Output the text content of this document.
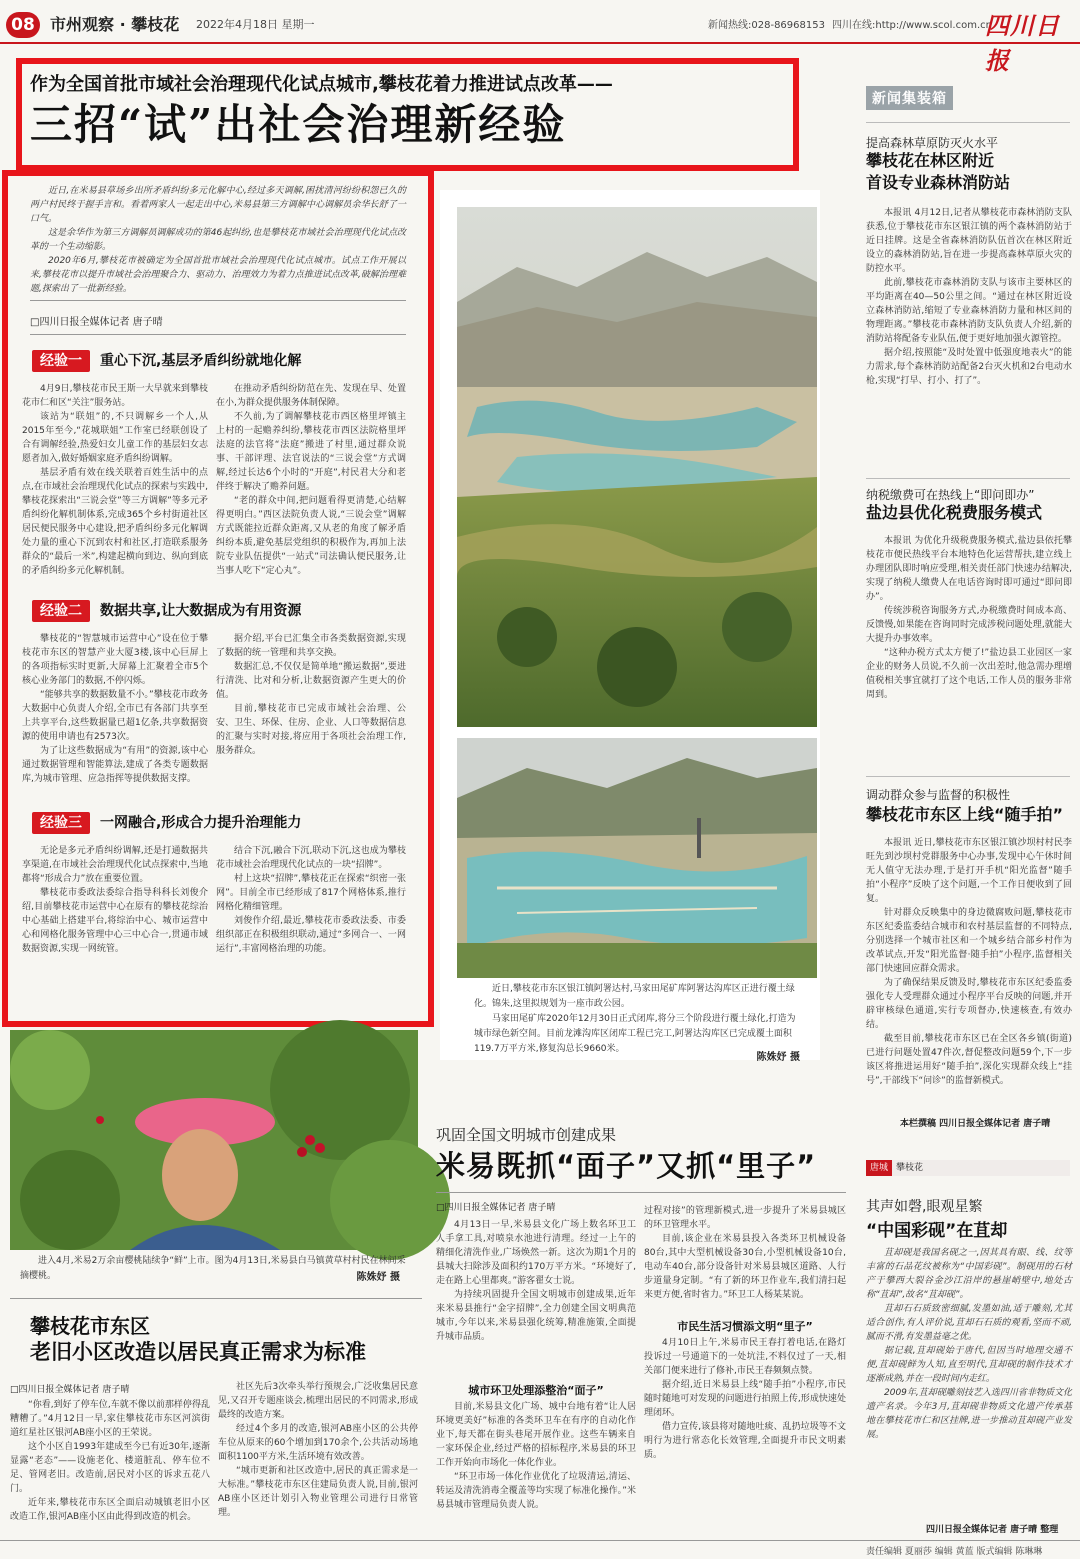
08 市州观察 · 攀枝花 2022年4月18日 星期一	新闻热线:028-86968153 四川在线:http://www.scol.com.cn
四川日报
作为全国首批市域社会治理现代化试点城市,攀枝花着力推进试点改革——
三招“试”出社会治理新经验

近日,在米易县草场乡出所矛盾纠纷多元化解中心,经过多天调解,困扰清河纷纷积怨已久的两户村民终于握手言和。看着两家人一起走出中心,米易县第三方调解中心调解员余华长舒了一口气。

这是余华作为第三方调解员调解成功的第46起纠纷,也是攀枝花市域社会治理现代化试点改革的一个生动缩影。

2020年6月,攀枝花市被确定为全国首批市域社会治理现代化试点城市。试点工作开展以来,攀枝花市以提升市域社会治理聚合力、驱动力、治理效力为着力点推进试点改革,破解治理难题,探索出了一批新经验。

□四川日报全媒体记者 唐子晴
经验一 重心下沉,基层矛盾纠纷就地化解

4月9日,攀枝花市民王斯一大早就来到攀枝花市仁和区“关注”服务站。

该站为“联姐”的,不只调解乡一个人,从2015年至今,“花城联姐”工作室已经联创设了合有调解经验,热爱妇女儿童工作的基层妇女志愿者加入,做好婚姻家庭矛盾纠纷调解。

基层矛盾有效在线关联着百姓生活中的点点,在市域社会治理现代化试点的探索与实践中,攀枝花探索出“三说会堂”等三方调解”等多元矛盾纠纷化解机制体系,完成365个乡村街道社区居民便民服务中心建设,把矛盾纠纷多元化解调处力量的重心下沉到农村和社区,打造联系服务群众的“最后一米”,构建起横向到边、纵向到底的矛盾纠纷多元化解机制。

在推动矛盾纠纷防范在先、发现在早、处置在小,为群众提供服务体制保障。

不久前,为了调解攀枝花市西区格里坪镇主上村的一起赡养纠纷,攀枝花市西区法院格里坪法庭的法官将“法庭”搬进了村里,通过群众说事、干部评理、法官说法的“三说会堂”方式调解,经过长达6个小时的“开庭”,村民君大分和老伴终于解决了赡养问题。

“老的群众中间,把问题看得更清楚,心结解得更明白。”西区法院负责人说,“三说会堂”调解方式既能拉近群众距离,又从老的角度了解矛盾纠纷本质,避免基层党组织的积极作为,再加上法院专业队伍提供“一站式”司法确认便民服务,让当事人吃下“定心丸”。

经验二 数据共享,让大数据成为有用资源

攀枝花的“智慧城市运营中心”设在位于攀枝花市东区的智慧产业大厦3楼,该中心巨屏上的各项指标实时更新,大屏幕上汇聚着全市5个核心业务部门的数据,不停闪烁。

“能够共享的数据数量不小。”攀枝花市政务大数据中心负责人介绍,全市已有各部门共享至上共享平台,这些数据量已超1亿条,共享数据资源的使用申请也有2573次。

为了让这些数据成为“有用”的资源,该中心通过数据管理和智能算法,建成了各类专题数据库,为城市管理、应急指挥等提供数据支撑。

据介绍,平台已汇集全市各类数据资源,实现了数据的统一管理和共享交换。

数据汇总,不仅仅是简单地“搬运数据”,要进行清洗、比对和分析,让数据资源产生更大的价值。

目前,攀枝花市已完成市域社会治理、公安、卫生、环保、住房、企业、人口等数据信息的汇聚与实时对接,将应用于各项社会治理工作,服务群众。

经验三 一网融合,形成合力提升治理能力

无论是多元矛盾纠纷调解,还是打通数据共享渠道,在市域社会治理现代化试点探索中,当地都将“形成合力”放在重要位置。

攀枝花市委政法委综合指导科科长刘俊介绍,目前攀枝花市运营中心在原有的攀枝花综治中心基础上搭建平台,将综治中心、城市运营中心和网格化服务管理中心三中心合一,贯通市域数据资源,实现一网统管。

结合下沉,融合下沉,联动下沉,这也成为攀枝花市域社会治理现代化试点的一块“招牌”。

村上这块“招牌”,攀枝花正在探索“织密一张网”。目前全市已经形成了817个网格体系,推行网格化精细管理。

刘俊作介绍,最近,攀枝花市委政法委、市委组织部正在积极组织联动,通过“多网合一、一网运行”,丰富网格治理的功能。

近日,攀枝花市东区银江镇阿署达村,马家田尾矿库阿署达沟库区正进行覆土绿化。锦朱,这里拟规划为一座市政公园。
马家田尾矿库2020年12月30日正式闭库,将分三个阶段进行覆土绿化,打造为城市绿色新空间。目前龙滩沟库区闭库工程已完工,阿署达沟库区已完成覆土面积119.7万平方米,修复沟总长9660米。
陈姝妤 摄
进入4月,米易2万余亩樱桃陆续争“鲜”上市。图为4月13日,米易县白马镇黄草村村民在林间采摘樱桃。	陈姝妤 摄
新闻集装箱
提高森林草原防灭火水平
攀枝花在林区附近
首设专业森林消防站

本报讯 4月12日,记者从攀枝花市森林消防支队获悉,位于攀枝花市东区银江镇的两个森林消防站于近日挂牌。这是全省森林消防队伍首次在林区附近设立的森林消防站,旨在进一步提高森林草原火灾的防控水平。

此前,攀枝花市森林消防支队与该市主要林区的平均距离在40—50公里之间。“通过在林区附近设立森林消防站,缩短了专业森林消防力量和林区间的物理距离。”攀枝花市森林消防支队负责人介绍,新的消防站将配备专业队伍,便于更好地加强火源管控。

据介绍,按照能“及时处置中低强度地表火”的能力需求,每个森林消防站配备2台灭火机和2台电动水枪,实现“打早、打小、打了”。

纳税缴费可在热线上“即问即办”
盐边县优化税费服务模式

本报讯 为优化升级税费服务模式,盐边县依托攀枝花市便民热线平台本地特色化运营帮扶,建立线上办理团队即时响应受理,相关责任部门快速办结解决,实现了纳税人缴费人在电话咨询时即可通过“即问即办”。

传统涉税咨询服务方式,办税缴费时间成本高、反馈慢,如果能在咨询同时完成涉税问题处理,就能大大提升办事效率。

“这种办税方式太方便了!”盐边县工业园区一家企业的财务人员说,不久前一次出差时,他急需办理增值税相关事宜就打了这个电话,工作人员的服务非常周到。

调动群众参与监督的积极性
攀枝花市东区上线“随手拍”

本报讯 近日,攀枝花市东区银江镇沙坝村村民李旺先到沙坝村党群服务中心办事,发现中心午休时间无人值守无法办理,于是打开手机“阳光监督”随手拍“小程序”反映了这个问题,一个工作日便收到了回复。

针对群众反映集中的身边微腐败问题,攀枝花市东区纪委监委结合城市和农村基层监督的不同特点,分别选择一个城市社区和一个城乡结合部乡村作为改革试点,开发“阳光监督·随手拍”小程序,监督相关部门快速回应群众需求。

为了确保结果反馈及时,攀枝花市东区纪委监委强化专人受理群众通过小程序平台反映的问题,并开辟审核绿色通道,实行专项督办,快速核查,有效办结。

截至目前,攀枝花市东区已在全区各乡镇(街道)已进行问题处置47件次,督促整改问题59个,下一步该区将推进运用好“随手拍”,深化实现群众线上“挂号”,干部线下“问诊”的监督新模式。

本栏撰稿 四川日报全媒体记者 唐子晴
攀枝花市东区
老旧小区改造以居民真正需求为标准
□四川日报全媒体记者 唐子晴

“你看,到好了停车位,车就不像以前那样停得乱糟糟了。”4月12日一早,家住攀枝花市东区河滨街道红星社区银河AB座小区的王荣说。

这个小区自1993年建成至今已有近30年,逐渐显露“老态”——设施老化、楼道脏乱、停车位不足、管网老旧。改造前,居民对小区的诉求五花八门。

近年来,攀枝花市东区全面启动城镇老旧小区改造工作,银河AB座小区由此得到改造的机会。

社区先后3次牵头举行预规会,广泛收集居民意见,又召开专题座谈会,梳理出居民的不同需求,形成最终的改造方案。

经过4个多月的改造,银河AB座小区的公共停车位从原来的60个增加到170余个,公共活动场地面积1100平方米,生活环境有效改善。

“城市更新和社区改造中,居民的真正需求是一大标准。”攀枝花市东区住建局负责人说,目前,银河AB座小区还计划引入物业管理公司进行日常管理。

巩固全国文明城市创建成果
米易既抓“面子”又抓“里子”
□四川日报全媒体记者 唐子晴

4月13日一早,米易县文化广场上数名环卫工人手拿工具,对喷泉水池进行清理。经过一上午的精细化清洗作业,广场焕然一新。这次为期1个月的县城大扫除涉及面积约170万平方米。“环境好了,走在路上心里都爽。”游客翟女士说。

为持续巩固提升全国文明城市创建成果,近年来米易县推行“金字招牌”,全力创建全国文明典范城市,今年以来,米易县强化统筹,精准施策,全面提升城市品质。

城市环卫处理添整治“面子”

目前,米易县文化广场、城中台地有着“让人居环境更美好”标准的各类环卫车在有序的自动化作业下,每天都在街头巷尾开展作业。这些车辆来自一家环保企业,经过严格的招标程序,米易县的环卫工作开始向市场化一体化作业。

“环卫市场一体化作业优化了垃圾清运,清运、转运及清洗消毒全覆盖等均实现了标准化操作。”米易县城市管理局负责人说。

过程对接”的管理新模式,进一步提升了米易县城区的环卫管理水平。

目前,该企业在米易县投入各类环卫机械设备80台,其中大型机械设备30台,小型机械设备10台,电动车40台,部分设备针对米易县城区道路、人行步道量身定制。“有了新的环卫作业车,我们清扫起来更方便,省时省力。”环卫工人杨某某说。

市民生活习惯添文明“里子”

4月10日上午,米易市民王春打着电话,在路灯投诉过一号通道下的一处坑洼,不料仅过了一天,相关部门便来进行了修补,市民王春频频点赞。

据介绍,近日米易县上线“随手拍”小程序,市民随时随地可对发现的问题进行拍照上传,形成快速处理闭环。

借力宣传,该县将对随地吐痰、乱扔垃圾等不文明行为进行常态化长效管理,全面提升市民文明素质。

唐城 攀枝花
其声如磬,眼观星繁
“中国彩砚”在苴却

苴却砚是我国名砚之一,因其具有眼、线、纹等丰富的石品花纹被称为“中国彩砚”。制砚用的石材产于攀西大裂谷金沙江沿岸的悬崖峭壁中,地处古称“苴却”,故名“苴却砚”。

苴却石石质致密细腻,发墨如油,适于雕刻,尤其适合创作,有人评价说,苴却石石质的观看,坚而不顽,腻而不滑,有发墨益毫之优。

据记载,苴却砚始于唐代,但因当时地理交通不便,苴却砚鲜为人知,直至明代,苴却砚的制作技术才逐渐成熟,并在一段时间内走红。

2009年,苴却砚雕刻技艺入选四川省非物质文化遗产名录。今年3月,苴却砚非物质文化遗产传承基地在攀枝花市仁和区挂牌,进一步推动苴却砚产业发展。

四川日报全媒体记者 唐子晴 整理
责任编辑 夏丽莎 编辑 黄蓝 版式编辑 陈琳琳
